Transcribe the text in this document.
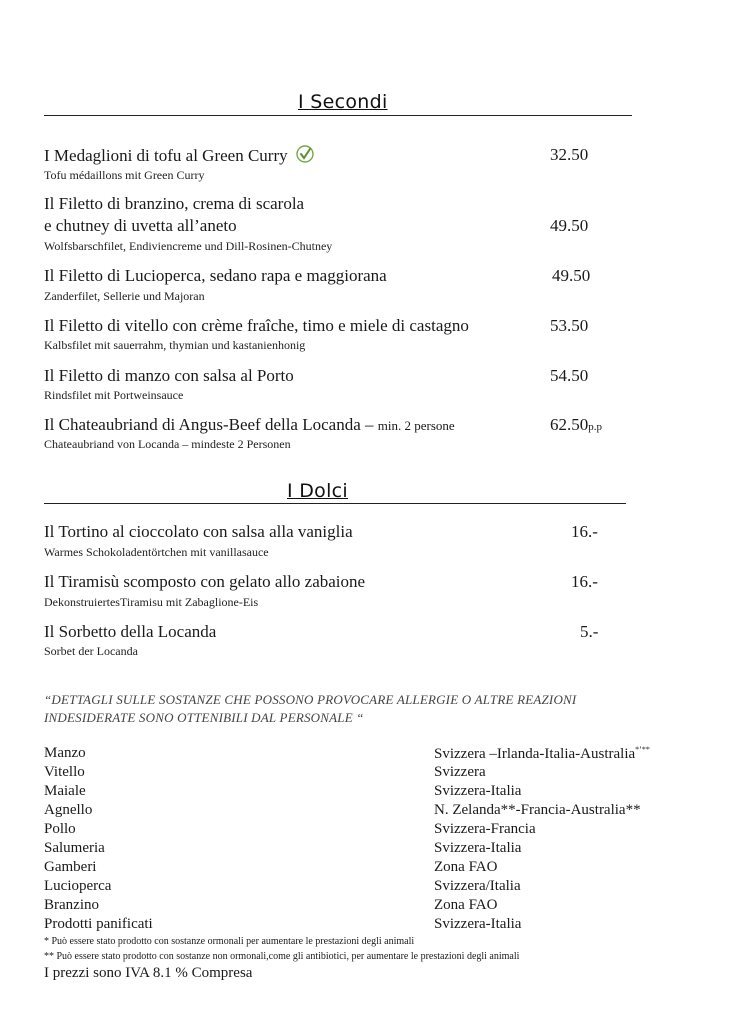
I Secondi
I Medaglioni di tofu al Green Curry
Tofu médaillons mit Green Curry
32.50
Il Filetto di branzino, crema di scarola
e chutney di uvetta all’aneto
Wolfsbarschfilet, Endiviencreme und Dill-Rosinen-Chutney
49.50
Il Filetto di Lucioperca, sedano rapa e maggiorana
Zanderfilet, Sellerie und Majoran
49.50
Il Filetto di vitello con crème fraîche, timo e miele di castagno
Kalbsfilet mit sauerrahm, thymian und kastanienhonig
53.50
Il Filetto di manzo con salsa al Porto
Rindsfilet mit Portweinsauce
54.50
Il Chateaubriand di Angus-Beef della Locanda – min. 2 persone
Chateaubriand von Locanda – mindeste 2 Personen
62.50p.p
I Dolci
Il Tortino al cioccolato con salsa alla vaniglia
Warmes Schokoladentörtchen mit vanillasauce
16.-
Il Tiramisù scomposto con gelato allo zabaione
DekonstruiertesTiramisu mit Zabaglione-Eis
16.-
Il Sorbetto della Locanda
Sorbet der Locanda
5.-
“DETTAGLI SULLE SOSTANZE CHE POSSONO PROVOCARE ALLERGIE O ALTRE REAZIONI
INDESIDERATE SONO OTTENIBILI DAL PERSONALE “
Manzo	Svizzera –Irlanda-Italia-Australia*’**
Vitello	Svizzera
Maiale	Svizzera-Italia
Agnello	N. Zelanda**-Francia-Australia**
Pollo	Svizzera-Francia
Salumeria	Svizzera-Italia
Gamberi	Zona FAO
Lucioperca	Svizzera/Italia
Branzino	Zona FAO
Prodotti panificati	Svizzera-Italia
* Può essere stato prodotto con sostanze ormonali per aumentare le prestazioni degli animali
** Può essere stato prodotto con sostanze non ormonali,come gli antibiotici, per aumentare le prestazioni degli animali
I prezzi sono IVA 8.1 % Compresa
